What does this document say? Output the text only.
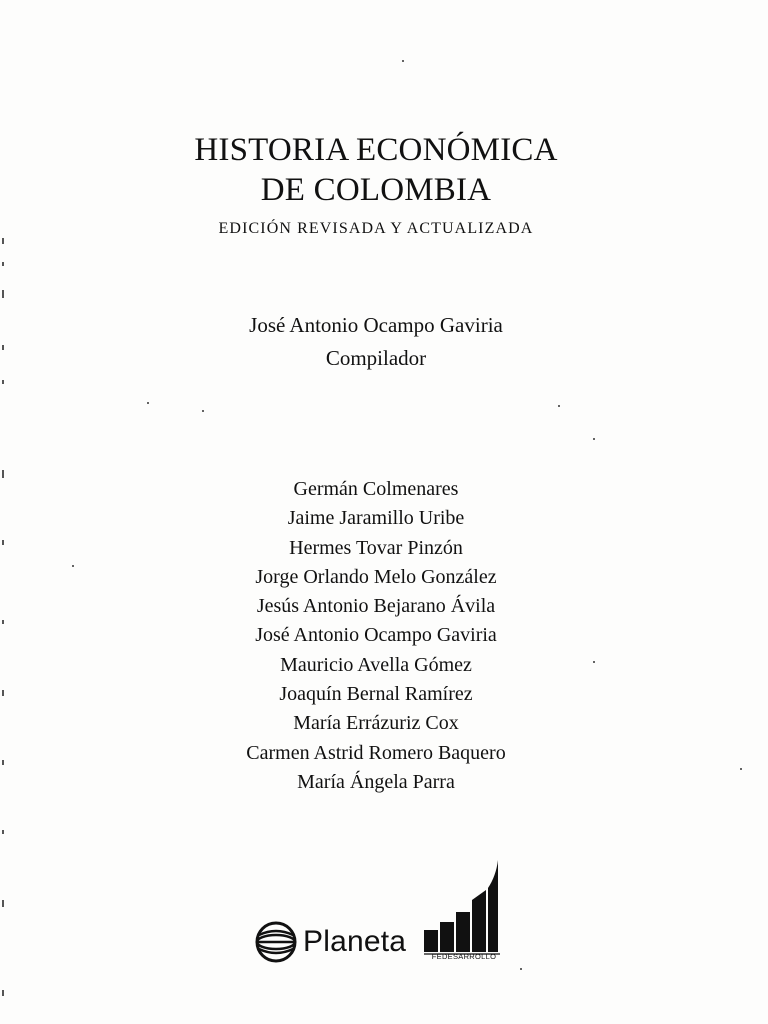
HISTORIA ECONÓMICA
DE COLOMBIA
EDICIÓN REVISADA Y ACTUALIZADA
José Antonio Ocampo Gaviria
Compilador
Germán Colmenares
Jaime Jaramillo Uribe
Hermes Tovar Pinzón
Jorge Orlando Melo González
Jesús Antonio Bejarano Ávila
José Antonio Ocampo Gaviria
Mauricio Avella Gómez
Joaquín Bernal Ramírez
María Errázuriz Cox
Carmen Astrid Romero Baquero
María Ángela Parra
Planeta	FEDESARROLLO
